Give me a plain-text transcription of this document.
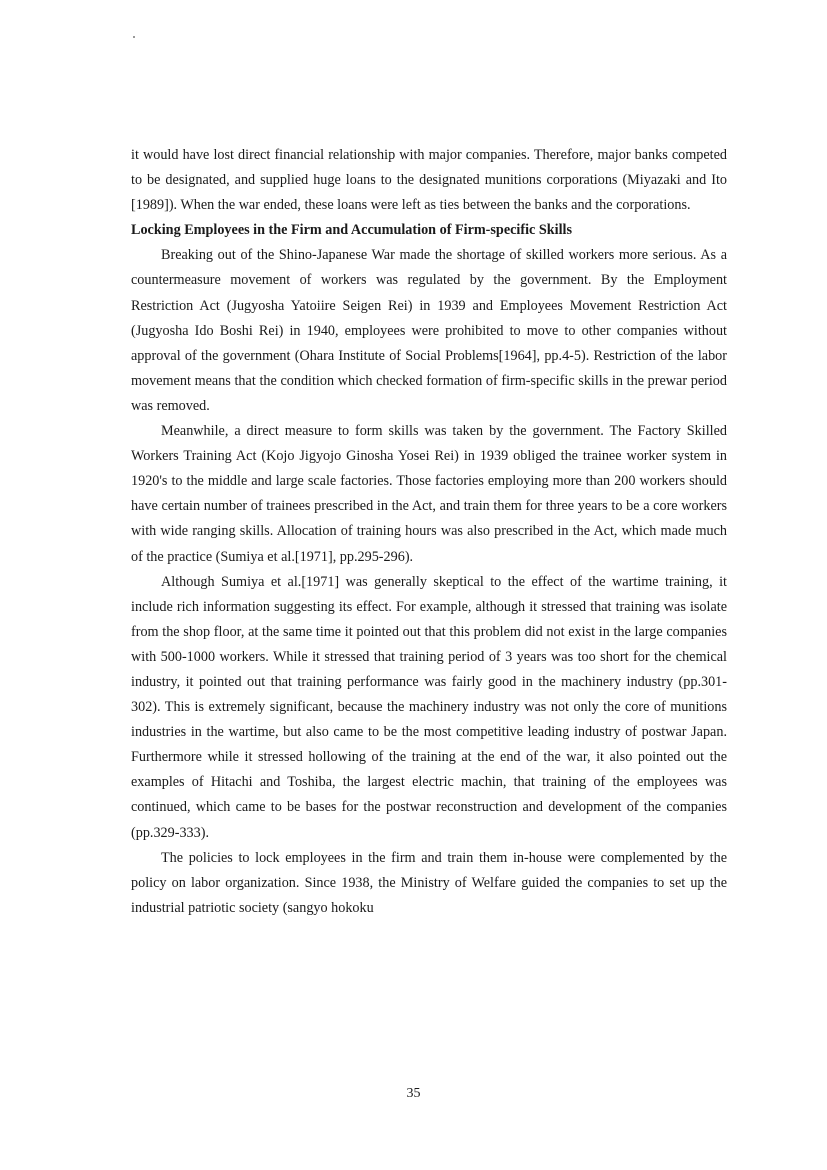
it would have lost direct financial relationship with major companies. Therefore, major banks competed to be designated, and supplied huge loans to the designated munitions corporations (Miyazaki and Ito [1989]). When the war ended, these loans were left as ties between the banks and the corporations.

Locking Employees in the Firm and Accumulation of Firm-specific Skills

Breaking out of the Shino-Japanese War made the shortage of skilled workers more serious. As a countermeasure movement of workers was regulated by the government. By the Employment Restriction Act (Jugyosha Yatoiire Seigen Rei) in 1939 and Employees Movement Restriction Act (Jugyosha Ido Boshi Rei) in 1940, employees were prohibited to move to other companies without approval of the government (Ohara Institute of Social Problems[1964], pp.4-5). Restriction of the labor movement means that the condition which checked formation of firm-specific skills in the prewar period was removed.

Meanwhile, a direct measure to form skills was taken by the government. The Factory Skilled Workers Training Act (Kojo Jigyojo Ginosha Yosei Rei) in 1939 obliged the trainee worker system in 1920's to the middle and large scale factories. Those factories employing more than 200 workers should have certain number of trainees prescribed in the Act, and train them for three years to be a core workers with wide ranging skills. Allocation of training hours was also prescribed in the Act, which made much of the practice (Sumiya et al.[1971], pp.295-296).

Although Sumiya et al.[1971] was generally skeptical to the effect of the wartime training, it include rich information suggesting its effect. For example, although it stressed that training was isolate from the shop floor, at the same time it pointed out that this problem did not exist in the large companies with 500-1000 workers. While it stressed that training period of 3 years was too short for the chemical industry, it pointed out that training performance was fairly good in the machinery industry (pp.301-302). This is extremely significant, because the machinery industry was not only the core of munitions industries in the wartime, but also came to be the most competitive leading industry of postwar Japan. Furthermore while it stressed hollowing of the training at the end of the war, it also pointed out the examples of Hitachi and Toshiba, the largest electric machin, that training of the employees was continued, which came to be bases for the postwar reconstruction and development of the companies (pp.329-333).

The policies to lock employees in the firm and train them in-house were complemented by the policy on labor organization. Since 1938, the Ministry of Welfare guided the companies to set up the industrial patriotic society (sangyo hokoku

35
